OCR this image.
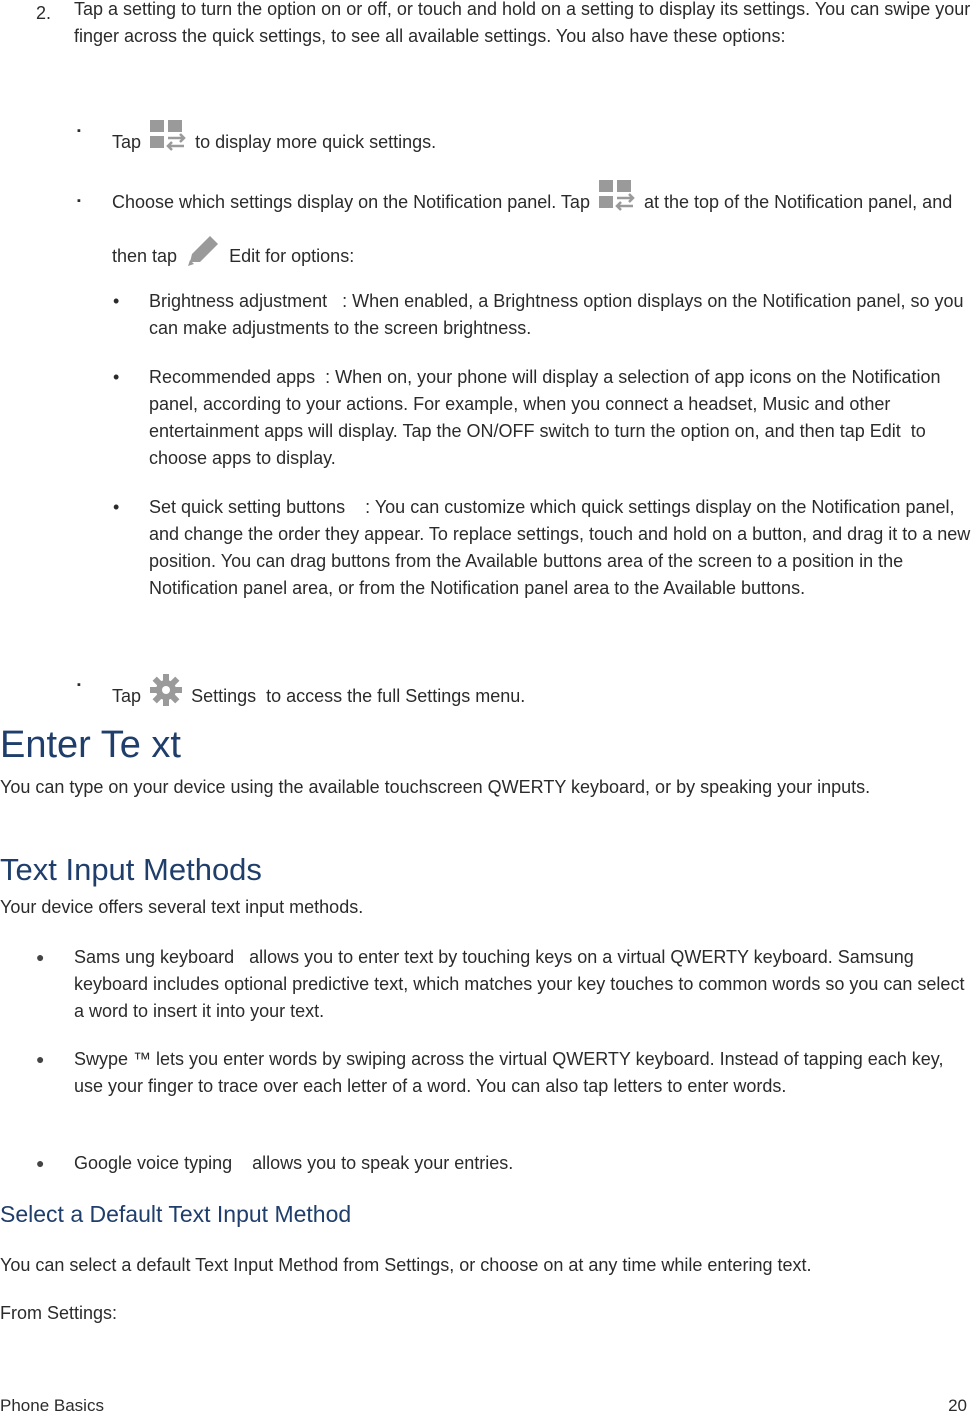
2. Tap a setting to turn the option on or off, or touch and hold on a setting to display its settings. You can swipe your finger across the quick settings, to see all available settings. You also have these options:

▪

Tap	to display more quick settings.

▪ Choose which settings display on the Notification panel. Tap	at the top of the Notification panel, and then tap	Edit for options:

• Brightness adjustment : When enabled, a Brightness option displays on the Notification panel, so you can make adjustments to the screen brightness.

• Recommended apps : When on, your phone will display a selection of app icons on the Notification panel, according to your actions. For example, when you connect a headset, Music and other entertainment apps will display. Tap the ON/OFF switch to turn the option on, and then tap Edit to choose apps to display.

• Set quick setting buttons : You can customize which quick settings display on the Notification panel, and change the order they appear. To replace settings, touch and hold on a button, and drag it to a new position. You can drag buttons from the Available buttons area of the screen to a position in the Notification panel area, or from the Notification panel area to the Available buttons.

▪

Tap	Settings to access the full Settings menu.

Enter Te xt

You can type on your device using the available touchscreen QWERTY keyboard, or by speaking your inputs.

Text Input Methods

Your device offers several text input methods.

● Sams ung keyboard allows you to enter text by touching keys on a virtual QWERTY keyboard. Samsung keyboard includes optional predictive text, which matches your key touches to common words so you can select a word to insert it into your text.

● Swype ™ lets you enter words by swiping across the virtual QWERTY keyboard. Instead of tapping each key, use your finger to trace over each letter of a word. You can also tap letters to enter words.

● Google voice typing allows you to speak your entries.

Select a Default Text Input Method

You can select a default Text Input Method from Settings, or choose on at any time while entering text.

From Settings:

Phone Basics	20
